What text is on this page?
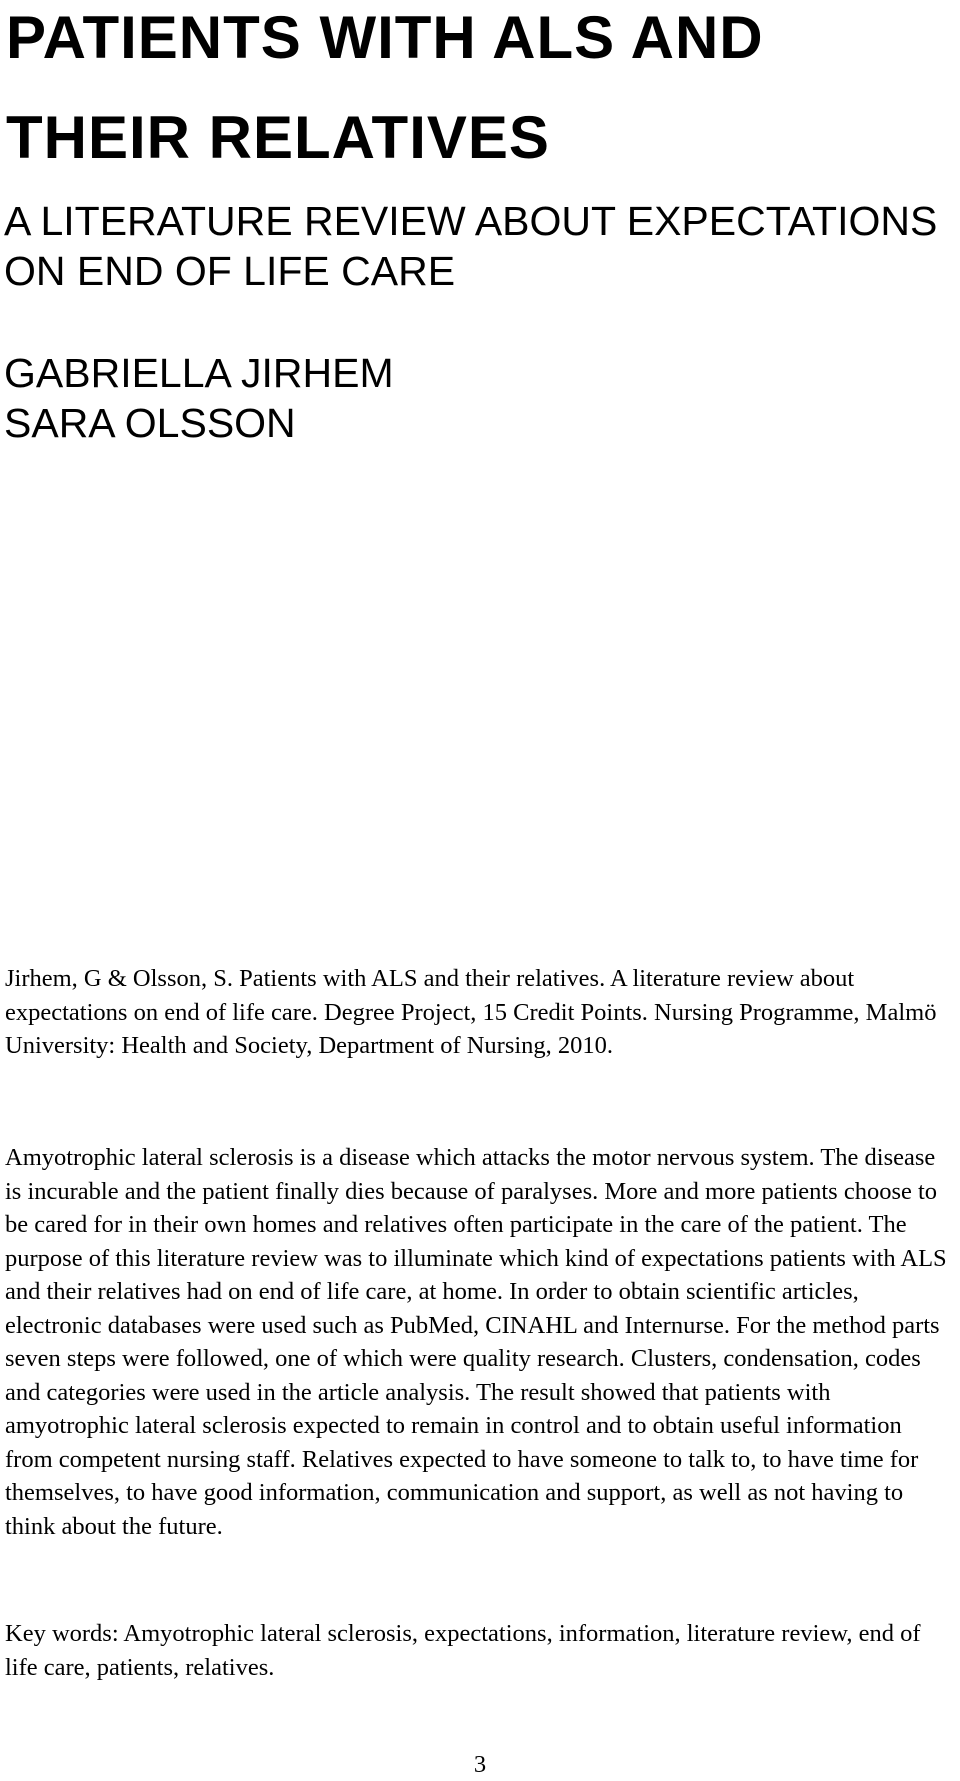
PATIENTS WITH ALS AND THEIR RELATIVES
A LITERATURE REVIEW ABOUT EXPECTATIONS ON END OF LIFE CARE
GABRIELLA JIRHEM
SARA OLSSON

Jirhem, G & Olsson, S. Patients with ALS and their relatives. A literature review about expectations on end of life care. Degree Project, 15 Credit Points. Nursing Programme, Malmö University: Health and Society, Department of Nursing, 2010.

Amyotrophic lateral sclerosis is a disease which attacks the motor nervous system. The disease is incurable and the patient finally dies because of paralyses. More and more patients choose to be cared for in their own homes and relatives often participate in the care of the patient. The purpose of this literature review was to illuminate which kind of expectations patients with ALS and their relatives had on end of life care, at home. In order to obtain scientific articles, electronic databases were used such as PubMed, CINAHL and Internurse. For the method parts seven steps were followed, one of which were quality research. Clusters, condensation, codes and categories were used in the article analysis. The result showed that patients with amyotrophic lateral sclerosis expected to remain in control and to obtain useful information from competent nursing staff. Relatives expected to have someone to talk to, to have time for themselves, to have good information, communication and support, as well as not having to think about the future.

Key words: Amyotrophic lateral sclerosis, expectations, information, literature review, end of life care, patients, relatives.

3
